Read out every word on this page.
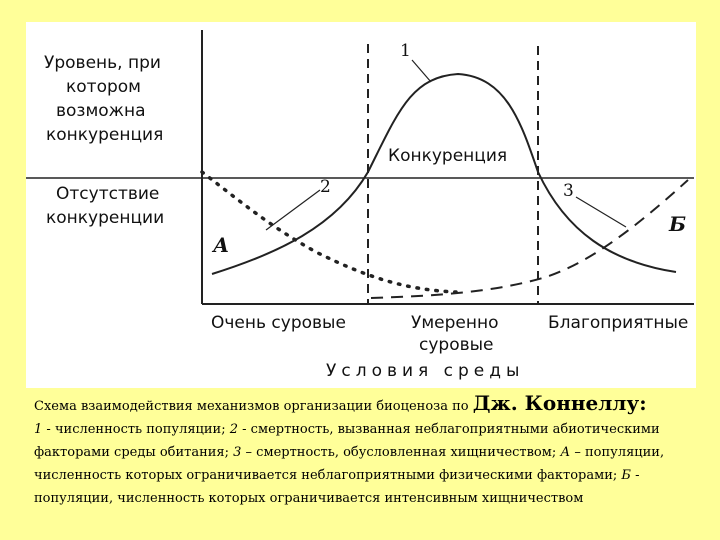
Уровень, при
котором
возможна
конкуренция
Отсутствие
конкуренции
Конкуренция
1
2	3
А
Б
Очень суровые	Умеренно
суровые
Благоприятные
Условия среды
Схема взаимодействия механизмов организации биоценоза по Дж. Коннеллу:
1 - численность популяции; 2 - смертность, вызванная неблагоприятными абиотическими факторами среды обитания; 3 – смертность, обусловленная хищничеством; А – популяции, численность которых ограничивается неблагоприятными физическими факторами; Б - популяции, численность которых ограничивается интенсивным хищничеством
